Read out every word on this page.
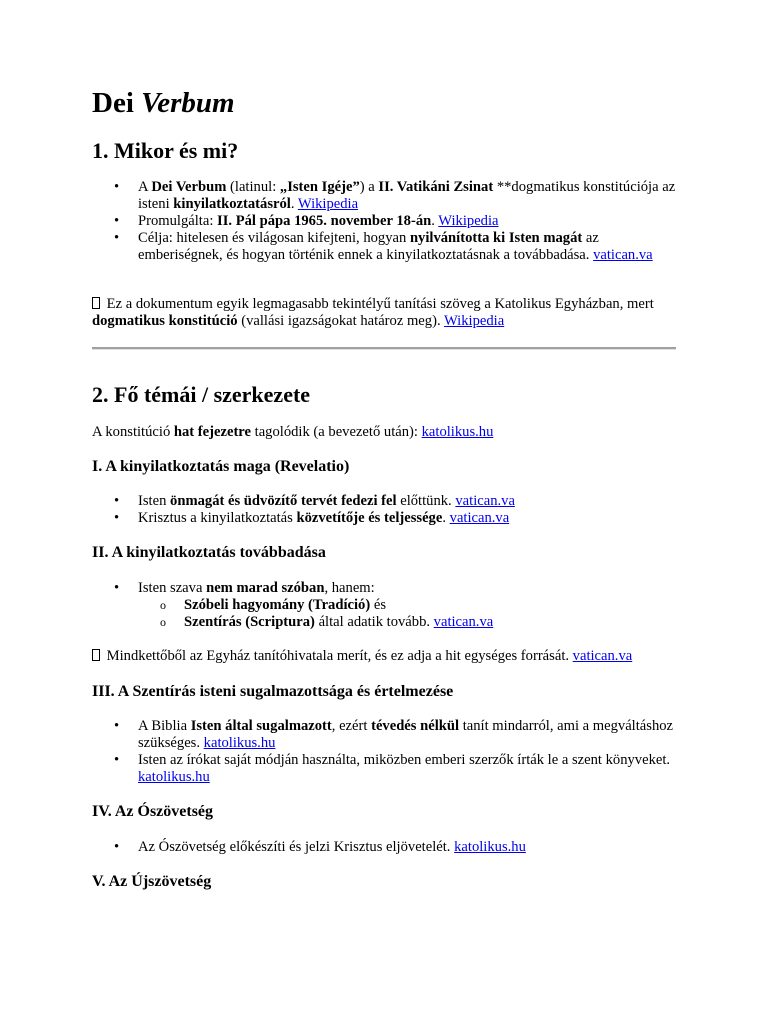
Dei Verbum
1. Mikor és mi?
• A Dei Verbum (latinul: „Isten Igéje”) a II. Vatikáni Zsinat **dogmatikus konstitúciója az isteni kinyilatkoztatásról. Wikipedia
• Promulgálta: II. Pál pápa 1965. november 18-án. Wikipedia
• Célja: hitelesen és világosan kifejteni, hogyan nyilvánította ki Isten magát az emberiségnek, és hogyan történik ennek a kinyilatkoztatásnak a továbbadása. vatican.va

Ez a dokumentum egyik legmagasabb tekintélyű tanítási szöveg a Katolikus Egyházban, mert dogmatikus konstitúció (vallási igazságokat határoz meg). Wikipedia

2. Fő témái / szerkezete

A konstitúció hat fejezetre tagolódik (a bevezető után): katolikus.hu

I. A kinyilatkoztatás maga (Revelatio)
• Isten önmagát és üdvözítő tervét fedezi fel előttünk. vatican.va
• Krisztus a kinyilatkoztatás közvetítője és teljessége. vatican.va
II. A kinyilatkoztatás továbbadása
• Isten szava nem marad szóban, hanem:
o Szóbeli hagyomány (Tradíció) és
o Szentírás (Scriptura) által adatik tovább. vatican.va

Mindkettőből az Egyház tanítóhivatala merít, és ez adja a hit egységes forrását. vatican.va

III. A Szentírás isteni sugalmazottsága és értelmezése
• A Biblia Isten által sugalmazott, ezért tévedés nélkül tanít mindarról, ami a megváltáshoz szükséges. katolikus.hu
• Isten az írókat saját módján használta, miközben emberi szerzők írták le a szent könyveket. katolikus.hu
IV. Az Ószövetség
• Az Ószövetség előkészíti és jelzi Krisztus eljövetelét. katolikus.hu
V. Az Újszövetség
